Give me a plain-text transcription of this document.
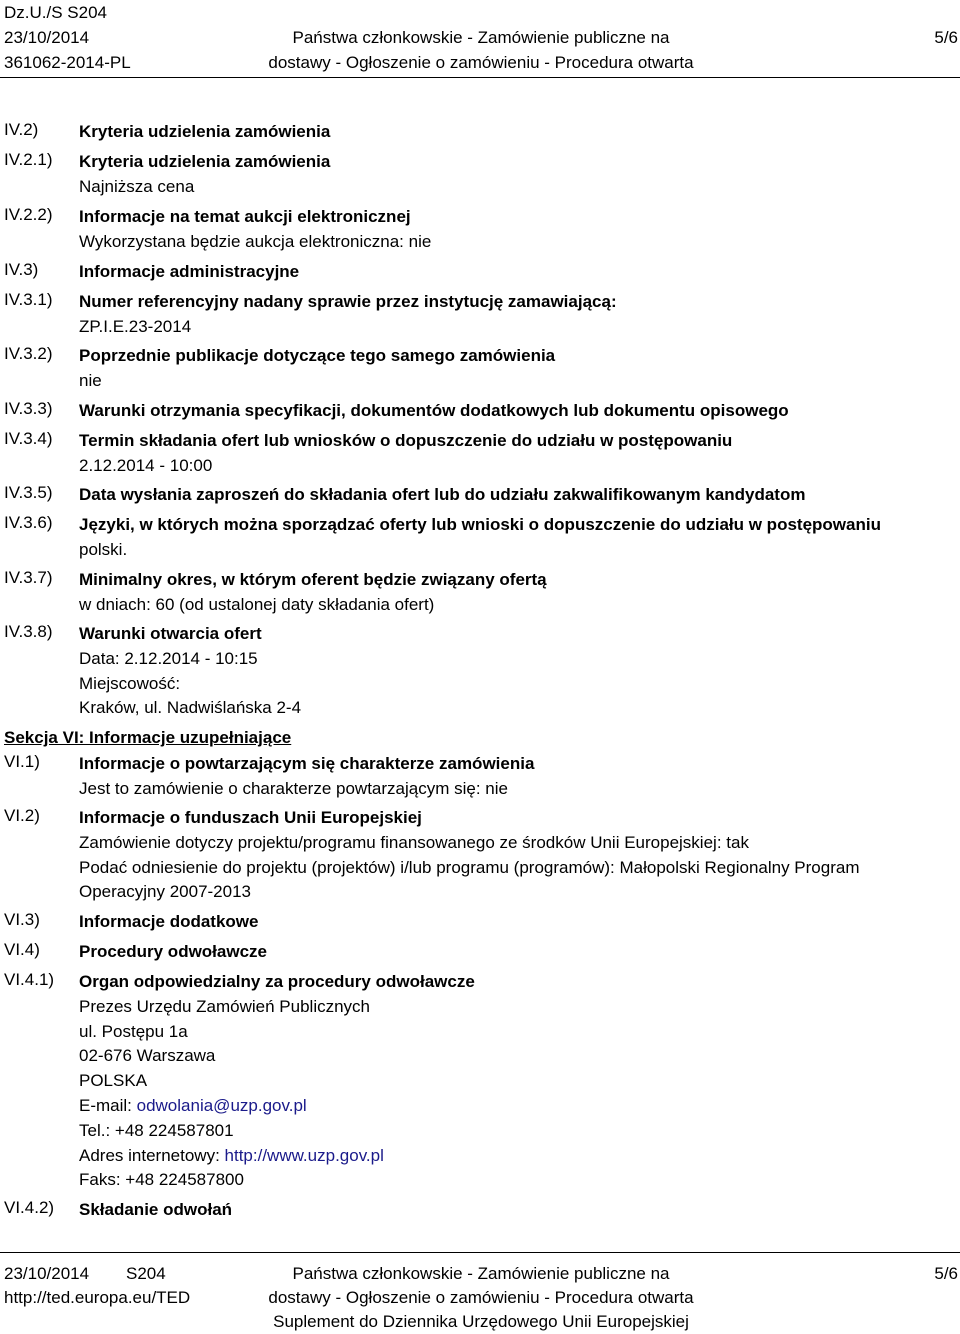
Dz.U./S S204
23/10/2014	Państwa członkowskie - Zamówienie publiczne na	5/6
361062-2014-PL	dostawy - Ogłoszenie o zamówieniu - Procedura otwarta
IV.2) Kryteria udzielenia zamówienia
IV.2.1) Kryteria udzielenia zamówienia
Najniższa cena
IV.2.2) Informacje na temat aukcji elektronicznej
Wykorzystana będzie aukcja elektroniczna: nie
IV.3) Informacje administracyjne
IV.3.1) Numer referencyjny nadany sprawie przez instytucję zamawiającą:
ZP.I.E.23-2014
IV.3.2) Poprzednie publikacje dotyczące tego samego zamówienia
nie
IV.3.3) Warunki otrzymania specyfikacji, dokumentów dodatkowych lub dokumentu opisowego
IV.3.4) Termin składania ofert lub wniosków o dopuszczenie do udziału w postępowaniu
2.12.2014 - 10:00
IV.3.5) Data wysłania zaproszeń do składania ofert lub do udziału zakwalifikowanym kandydatom
IV.3.6) Języki, w których można sporządzać oferty lub wnioski o dopuszczenie do udziału w postępowaniu
polski.
IV.3.7) Minimalny okres, w którym oferent będzie związany ofertą
w dniach: 60 (od ustalonej daty składania ofert)
IV.3.8) Warunki otwarcia ofert
Data: 2.12.2014 - 10:15
Miejscowość:
Kraków, ul. Nadwiślańska 2-4
Sekcja VI: Informacje uzupełniające
VI.1) Informacje o powtarzającym się charakterze zamówienia
Jest to zamówienie o charakterze powtarzającym się: nie
VI.2) Informacje o funduszach Unii Europejskiej
Zamówienie dotyczy projektu/programu finansowanego ze środków Unii Europejskiej: tak
Podać odniesienie do projektu (projektów) i/lub programu (programów): Małopolski Regionalny Program
Operacyjny 2007-2013
VI.3) Informacje dodatkowe
VI.4) Procedury odwoławcze
VI.4.1) Organ odpowiedzialny za procedury odwoławcze
Prezes Urzędu Zamówień Publicznych
ul. Postępu 1a
02-676 Warszawa
POLSKA
E-mail: odwolania@uzp.gov.pl
Tel.: +48 224587801
Adres internetowy: http://www.uzp.gov.pl
Faks: +48 224587800
VI.4.2) Składanie odwołań
23/10/2014 S204	Państwa członkowskie - Zamówienie publiczne na	5/6
http://ted.europa.eu/TED	dostawy - Ogłoszenie o zamówieniu - Procedura otwarta
Suplement do Dziennika Urzędowego Unii Europejskiej
